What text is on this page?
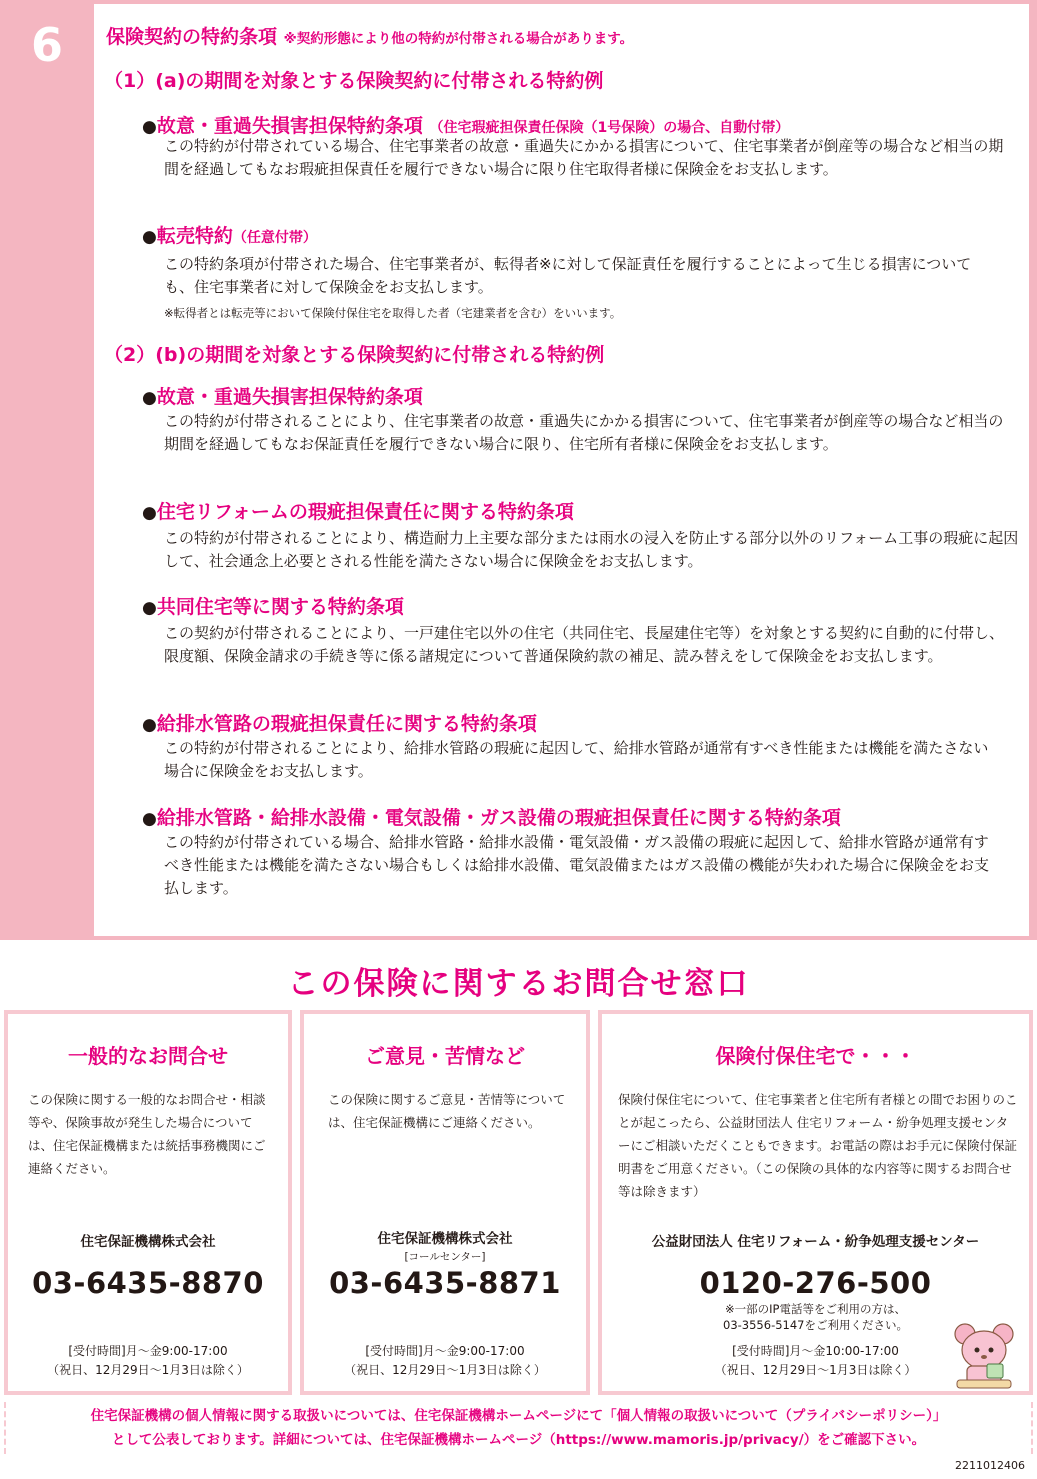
6	保険契約の特約条項 ※契約形態により他の特約が付帯される場合があります。
（1）(a)の期間を対象とする保険契約に付帯される特約例
●故意・重過失損害担保特約条項 （住宅瑕疵担保責任保険（1号保険）の場合、自動付帯）
この特約が付帯されている場合、住宅事業者の故意・重過失にかかる損害について、住宅事業者が倒産等の場合など相当の期間を経過してもなお瑕疵担保責任を履行できない場合に限り住宅取得者様に保険金をお支払します。
●転売特約（任意付帯）
この特約条項が付帯された場合、住宅事業者が、転得者※に対して保証責任を履行することによって生じる損害についても、住宅事業者に対して保険金をお支払します。
※転得者とは転売等において保険付保住宅を取得した者（宅建業者を含む）をいいます。
（2）(b)の期間を対象とする保険契約に付帯される特約例
●故意・重過失損害担保特約条項
この特約が付帯されることにより、住宅事業者の故意・重過失にかかる損害について、住宅事業者が倒産等の場合など相当の期間を経過してもなお保証責任を履行できない場合に限り、住宅所有者様に保険金をお支払します。
●住宅リフォームの瑕疵担保責任に関する特約条項
この特約が付帯されることにより、構造耐力上主要な部分または雨水の浸入を防止する部分以外のリフォーム工事の瑕疵に起因して、社会通念上必要とされる性能を満たさない場合に保険金をお支払します。
●共同住宅等に関する特約条項
この契約が付帯されることにより、一戸建住宅以外の住宅（共同住宅、長屋建住宅等）を対象とする契約に自動的に付帯し、限度額、保険金請求の手続き等に係る諸規定について普通保険約款の補足、読み替えをして保険金をお支払します。
●給排水管路の瑕疵担保責任に関する特約条項
この特約が付帯されることにより、給排水管路の瑕疵に起因して、給排水管路が通常有すべき性能または機能を満たさない場合に保険金をお支払します。
●給排水管路・給排水設備・電気設備・ガス設備の瑕疵担保責任に関する特約条項
この特約が付帯されている場合、給排水管路・給排水設備・電気設備・ガス設備の瑕疵に起因して、給排水管路が通常有すべき性能または機能を満たさない場合もしくは給排水設備、電気設備またはガス設備の機能が失われた場合に保険金をお支払します。
この保険に関するお問合せ窓口
一般的なお問合せ
この保険に関する一般的なお問合せ・相談等や、保険事故が発生した場合については、住宅保証機構または統括事務機関にご連絡ください。
住宅保証機構株式会社
03-6435-8870
[受付時間]月～金9:00-17:00
（祝日、12月29日～1月3日は除く）
ご意見・苦情など
この保険に関するご意見・苦情等については、住宅保証機構にご連絡ください。
住宅保証機構株式会社
[コールセンター]
03-6435-8871
[受付時間]月～金9:00-17:00
（祝日、12月29日～1月3日は除く）
保険付保住宅で・・・
保険付保住宅について、住宅事業者と住宅所有者様との間でお困りのことが起こったら、公益財団法人 住宅リフォーム・紛争処理支援センターにご相談いただくこともできます。お電話の際はお手元に保険付保証明書をご用意ください。（この保険の具体的な内容等に関するお問合せ等は除きます）
公益財団法人 住宅リフォーム・紛争処理支援センター
0120-276-500
※一部のIP電話等をご利用の方は、
03-3556-5147をご利用ください。
[受付時間]月～金10:00-17:00
（祝日、12月29日～1月3日は除く）
住宅保証機構の個人情報に関する取扱いについては、住宅保証機構ホームページにて「個人情報の取扱いについて（プライバシーポリシー）」
として公表しております。詳細については、住宅保証機構ホームページ（https://www.mamoris.jp/privacy/）をご確認下さい。
2211012406
